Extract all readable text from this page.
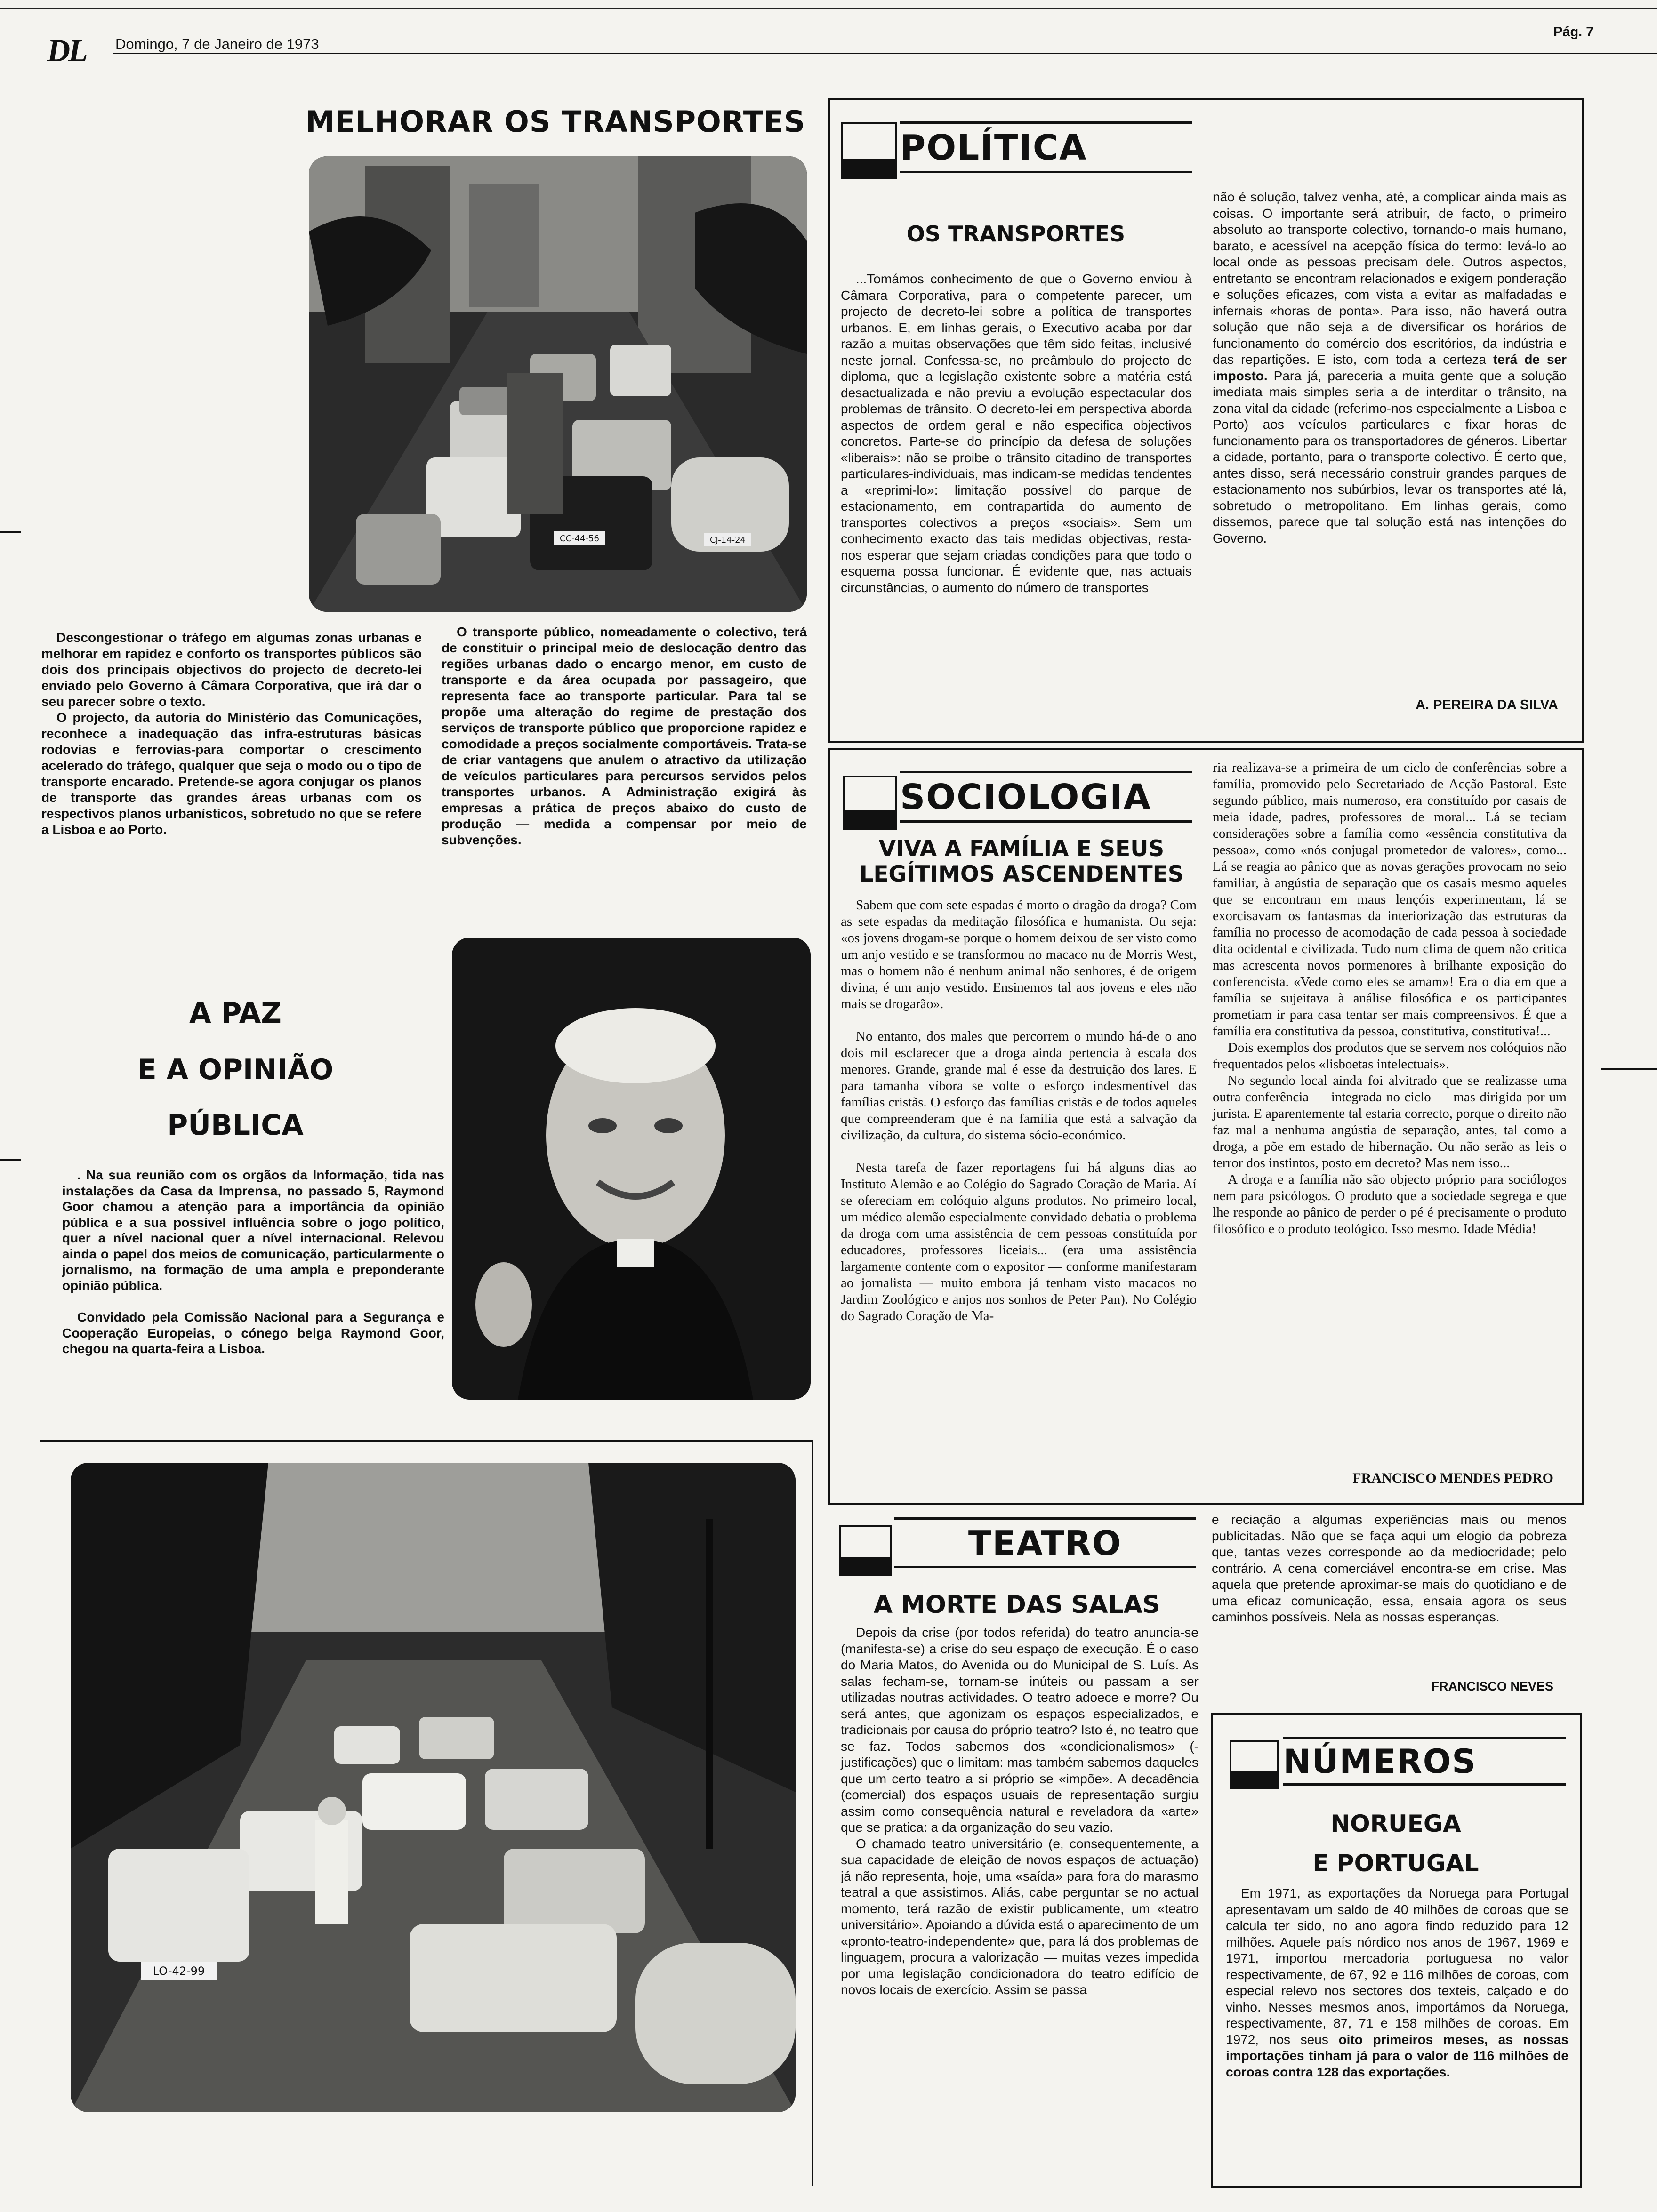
DL Domingo, 7 de Janeiro de 1973
Pág. 7
MELHORAR OS TRANSPORTES
CC-44-56	CJ-14-24

Descongestionar o tráfego em algumas zonas urbanas e melhorar em rapidez e conforto os transportes públicos são dois dos principais objectivos do projecto de decreto-lei enviado pelo Governo à Câmara Corporativa, que irá dar o seu parecer sobre o texto.

O projecto, da autoria do Ministério das Comunicações, reconhece a inadequação das infra-estruturas básicas rodovias e ferrovias-para comportar o crescimento acelerado do tráfego, qualquer que seja o modo ou o tipo de transporte encarado. Pretende-se agora conjugar os planos de transporte das grandes áreas urbanas com os respectivos planos urbanísticos, sobretudo no que se refere a Lisboa e ao Porto.

O transporte público, nomeadamente o colectivo, terá de constituir o principal meio de deslocação dentro das regiões urbanas dado o encargo menor, em custo de transporte e da área ocupada por passageiro, que representa face ao transporte particular. Para tal se propõe uma alteração do regime de prestação dos serviços de transporte público que proporcione rapidez e comodidade a preços socialmente comportáveis. Trata-se de criar vantagens que anulem o atractivo da utilização de veículos particulares para percursos servidos pelos transportes urbanos. A Administração exigirá às empresas a prática de preços abaixo do custo de produção — medida a compensar por meio de subvenções.

POLÍTICA
OS TRANSPORTES

...Tomámos conhecimento de que o Governo enviou à Câmara Corporativa, para o competente parecer, um projecto de decreto-lei sobre a política de transportes urbanos. E, em linhas gerais, o Executivo acaba por dar razão a muitas observações que têm sido feitas, inclusivé neste jornal. Confessa-se, no preâmbulo do projecto de diploma, que a legislação existente sobre a matéria está desactualizada e não previu a evolução espectacular dos problemas de trânsito. O decreto-lei em perspectiva aborda aspectos de ordem geral e não especifica objectivos concretos. Parte-se do princípio da defesa de soluções «liberais»: não se proibe o trânsito citadino de transportes particulares-individuais, mas indicam-se medidas tendentes a «reprimi-lo»: limitação possível do parque de estacionamento, em contrapartida do aumento de transportes colectivos a preços «sociais». Sem um conhecimento exacto das tais medidas objectivas, resta-nos esperar que sejam criadas condições para que todo o esquema possa funcionar. É evidente que, nas actuais circunstâncias, o aumento do número de transportes

não é solução, talvez venha, até, a complicar ainda mais as coisas. O importante será atribuir, de facto, o primeiro absoluto ao transporte colectivo, tornando-o mais humano, barato, e acessível na acepção física do termo: levá-lo ao local onde as pessoas precisam dele. Outros aspectos, entretanto se encontram relacionados e exigem ponderação e soluções eficazes, com vista a evitar as malfadadas e infernais «horas de ponta». Para isso, não haverá outra solução que não seja a de diversificar os horários de funcionamento do comércio dos escritórios, da indústria e das repartições. E isto, com toda a certeza terá de ser imposto. Para já, pareceria a muita gente que a solução imediata mais simples seria a de interditar o trânsito, na zona vital da cidade (referimo-nos especialmente a Lisboa e Porto) aos veículos particulares e fixar horas de funcionamento para os transportadores de géneros. Libertar a cidade, portanto, para o transporte colectivo. É certo que, antes disso, será necessário construir grandes parques de estacionamento nos subúrbios, levar os transportes até lá, sobretudo o metropolitano. Em linhas gerais, como dissemos, parece que tal solução está nas intenções do Governo.

A. PEREIRA DA SILVA
A PAZ
E A OPINIÃO
PÚBLICA

. Na sua reunião com os orgãos da Informação, tida nas instalações da Casa da Imprensa, no passado 5, Raymond Goor chamou a atenção para a importância da opinião pública e a sua possível influência sobre o jogo político, quer a nível nacional quer a nível internacional. Relevou ainda o papel dos meios de comunicação, particularmente o jornalismo, na formação de uma ampla e preponderante opinião pública.

Convidado pela Comissão Nacional para a Segurança e Cooperação Europeias, o cónego belga Raymond Goor, chegou na quarta-feira a Lisboa.

LO-42-99
SOCIOLOGIA
VIVA A FAMÍLIA E SEUS
LEGÍTIMOS ASCENDENTES

Sabem que com sete espadas é morto o dragão da droga? Com as sete espadas da meditação filosófica e humanista. Ou seja: «os jovens drogam-se porque o homem deixou de ser visto como um anjo vestido e se transformou no macaco nu de Morris West, mas o homem não é nenhum animal não senhores, é de origem divina, é um anjo vestido. Ensinemos tal aos jovens e eles não mais se drogarão».

No entanto, dos males que percorrem o mundo há-de o ano dois mil esclarecer que a droga ainda pertencia à escala dos menores. Grande, grande mal é esse da destruição dos lares. E para tamanha víbora se volte o esforço indesmentível das famílias cristãs. O esforço das famílias cristãs e de todos aqueles que compreenderam que é na família que está a salvação da civilização, da cultura, do sistema sócio-económico.

Nesta tarefa de fazer reportagens fui há alguns dias ao Instituto Alemão e ao Colégio do Sagrado Coração de Maria. Aí se ofereciam em colóquio alguns produtos. No primeiro local, um médico alemão especialmente convidado debatia o problema da droga com uma assistência de cem pessoas constituída por educadores, professores liceiais... (era uma assistência largamente contente com o expositor — conforme manifestaram ao jornalista — muito embora já tenham visto macacos no Jardim Zoológico e anjos nos sonhos de Peter Pan). No Colégio do Sagrado Coração de Ma-

ria realizava-se a primeira de um ciclo de conferências sobre a família, promovido pelo Secretariado de Acção Pastoral. Este segundo público, mais numeroso, era constituído por casais de meia idade, padres, professores de moral... Lá se teciam considerações sobre a família como «essência constitutiva da pessoa», como «nós conjugal prometedor de valores», como... Lá se reagia ao pânico que as novas gerações provocam no seio familiar, à angústia de separação que os casais mesmo aqueles que se encontram em maus lençóis experimentam, lá se exorcisavam os fantasmas da interiorização das estruturas da família no processo de acomodação de cada pessoa à sociedade dita ocidental e civilizada. Tudo num clima de quem não critica mas acrescenta novos pormenores à brilhante exposição do conferencista. «Vede como eles se amam»! Era o dia em que a família se sujeitava à análise filosófica e os participantes prometiam ir para casa tentar ser mais compreensivos. É que a família era constitutiva da pessoa, constitutiva, constitutiva!...

Dois exemplos dos produtos que se servem nos colóquios não frequentados pelos «lisboetas intelectuais».

No segundo local ainda foi alvitrado que se realizasse uma outra conferência — integrada no ciclo — mas dirigida por um jurista. E aparentemente tal estaria correcto, porque o direito não faz mal a nenhuma angústia de separação, antes, tal como a droga, a põe em estado de hibernação. Ou não serão as leis o terror dos instintos, posto em decreto? Mas nem isso...

A droga e a família não são objecto próprio para sociólogos nem para psicólogos. O produto que a sociedade segrega e que lhe responde ao pânico de perder o pé é precisamente o produto filosófico e o produto teológico. Isso mesmo. Idade Média!

FRANCISCO MENDES PEDRO
TEATRO
A MORTE DAS SALAS

Depois da crise (por todos referida) do teatro anuncia-se (manifesta-se) a crise do seu espaço de execução. É o caso do Maria Matos, do Avenida ou do Municipal de S. Luís. As salas fecham-se, tornam-se inúteis ou passam a ser utilizadas noutras actividades. O teatro adoece e morre? Ou será antes, que agonizam os espaços especializados, e tradicionais por causa do próprio teatro? Isto é, no teatro que se faz. Todos sabemos dos «condicionalismos» (-justificações) que o limitam: mas também sabemos daqueles que um certo teatro a si próprio se «impõe». A decadência (comercial) dos espaços usuais de representação surgiu assim como consequência natural e reveladora da «arte» que se pratica: a da organização do seu vazio.

O chamado teatro universitário (e, consequentemente, a sua capacidade de eleição de novos espaços de actuação) já não representa, hoje, uma «saída» para fora do marasmo teatral a que assistimos. Aliás, cabe perguntar se no actual momento, terá razão de existir publicamente, um «teatro universitário». Apoiando a dúvida está o aparecimento de um «pronto-teatro-independente» que, para lá dos problemas de linguagem, procura a valorização — muitas vezes impedida por uma legislação condicionadora do teatro edifício de novos locais de exercício. Assim se passa

e reciação a algumas experiências mais ou menos publicitadas. Não que se faça aqui um elogio da pobreza que, tantas vezes corresponde ao da mediocridade; pelo contrário. A cena comerciável encontra-se em crise. Mas aquela que pretende aproximar-se mais do quotidiano e de uma eficaz comunicação, essa, ensaia agora os seus caminhos possíveis. Nela as nossas esperanças.

FRANCISCO NEVES
NÚMEROS
NORUEGA
E PORTUGAL

Em 1971, as exportações da Noruega para Portugal apresentavam um saldo de 40 milhões de coroas que se calcula ter sido, no ano agora findo reduzido para 12 milhões. Aquele país nórdico nos anos de 1967, 1969 e 1971, importou mercadoria portuguesa no valor respectivamente, de 67, 92 e 116 milhões de coroas, com especial relevo nos sectores dos texteis, calçado e do vinho. Nesses mesmos anos, importámos da Noruega, respectivamente, 87, 71 e 158 milhões de coroas. Em 1972, nos seus oito primeiros meses, as nossas importações tinham já para o valor de 116 milhões de coroas contra 128 das exportações.
